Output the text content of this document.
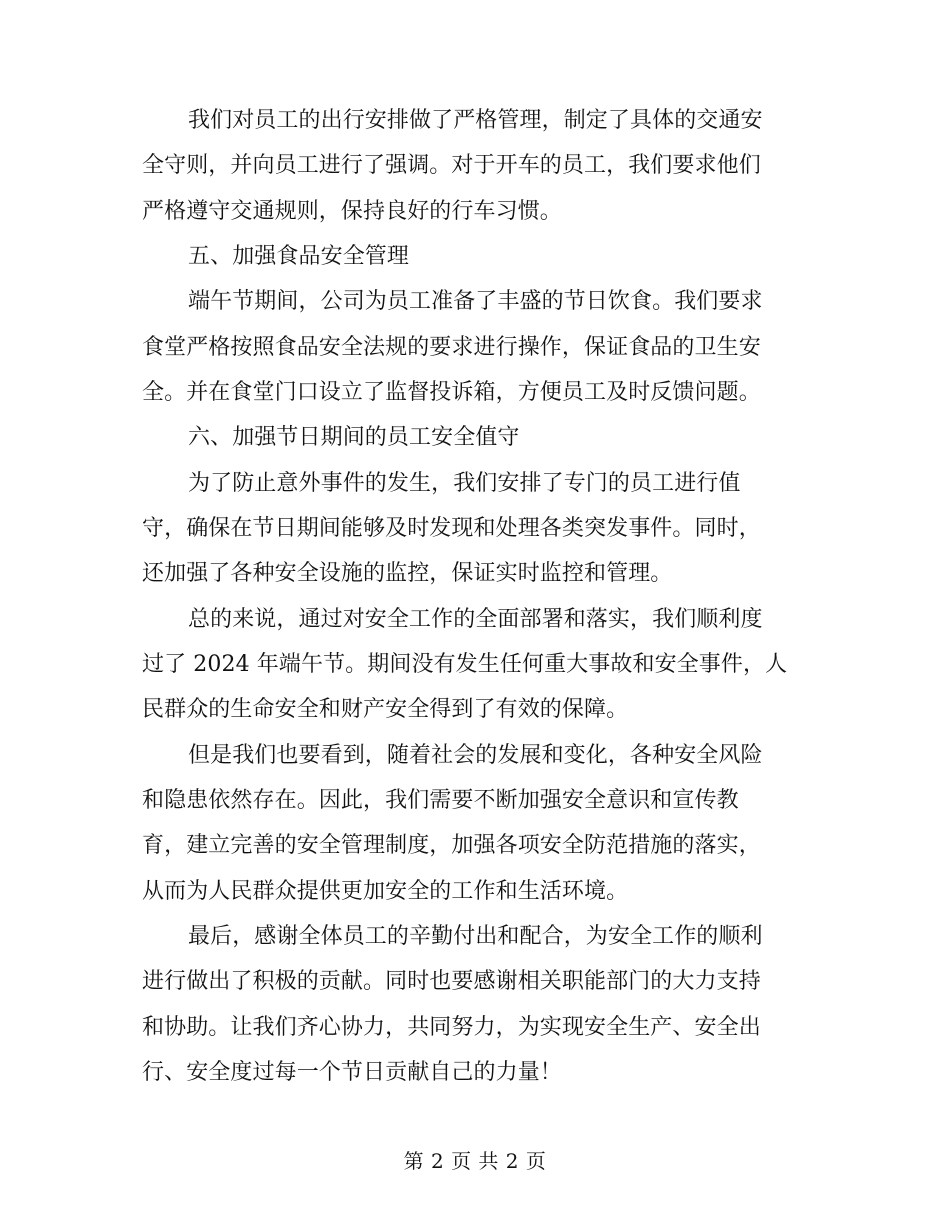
我们对员工的出行安排做了严格管理，制定了具体的交通安
全守则，并向员工进行了强调。对于开车的员工，我们要求他们
严格遵守交通规则，保持良好的行车习惯。
五、加强食品安全管理
端午节期间，公司为员工准备了丰盛的节日饮食。我们要求
食堂严格按照食品安全法规的要求进行操作，保证食品的卫生安
全。并在食堂门口设立了监督投诉箱，方便员工及时反馈问题。
六、加强节日期间的员工安全值守
为了防止意外事件的发生，我们安排了专门的员工进行值
守，确保在节日期间能够及时发现和处理各类突发事件。同时，
还加强了各种安全设施的监控，保证实时监控和管理。
总的来说，通过对安全工作的全面部署和落实，我们顺利度
过了 2024 年端午节。期间没有发生任何重大事故和安全事件，人
民群众的生命安全和财产安全得到了有效的保障。
但是我们也要看到，随着社会的发展和变化，各种安全风险
和隐患依然存在。因此，我们需要不断加强安全意识和宣传教
育，建立完善的安全管理制度，加强各项安全防范措施的落实，
从而为人民群众提供更加安全的工作和生活环境。
最后，感谢全体员工的辛勤付出和配合，为安全工作的顺利
进行做出了积极的贡献。同时也要感谢相关职能部门的大力支持
和协助。让我们齐心协力，共同努力，为实现安全生产、安全出
行、安全度过每一个节日贡献自己的力量！
第 2 页 共 2 页
